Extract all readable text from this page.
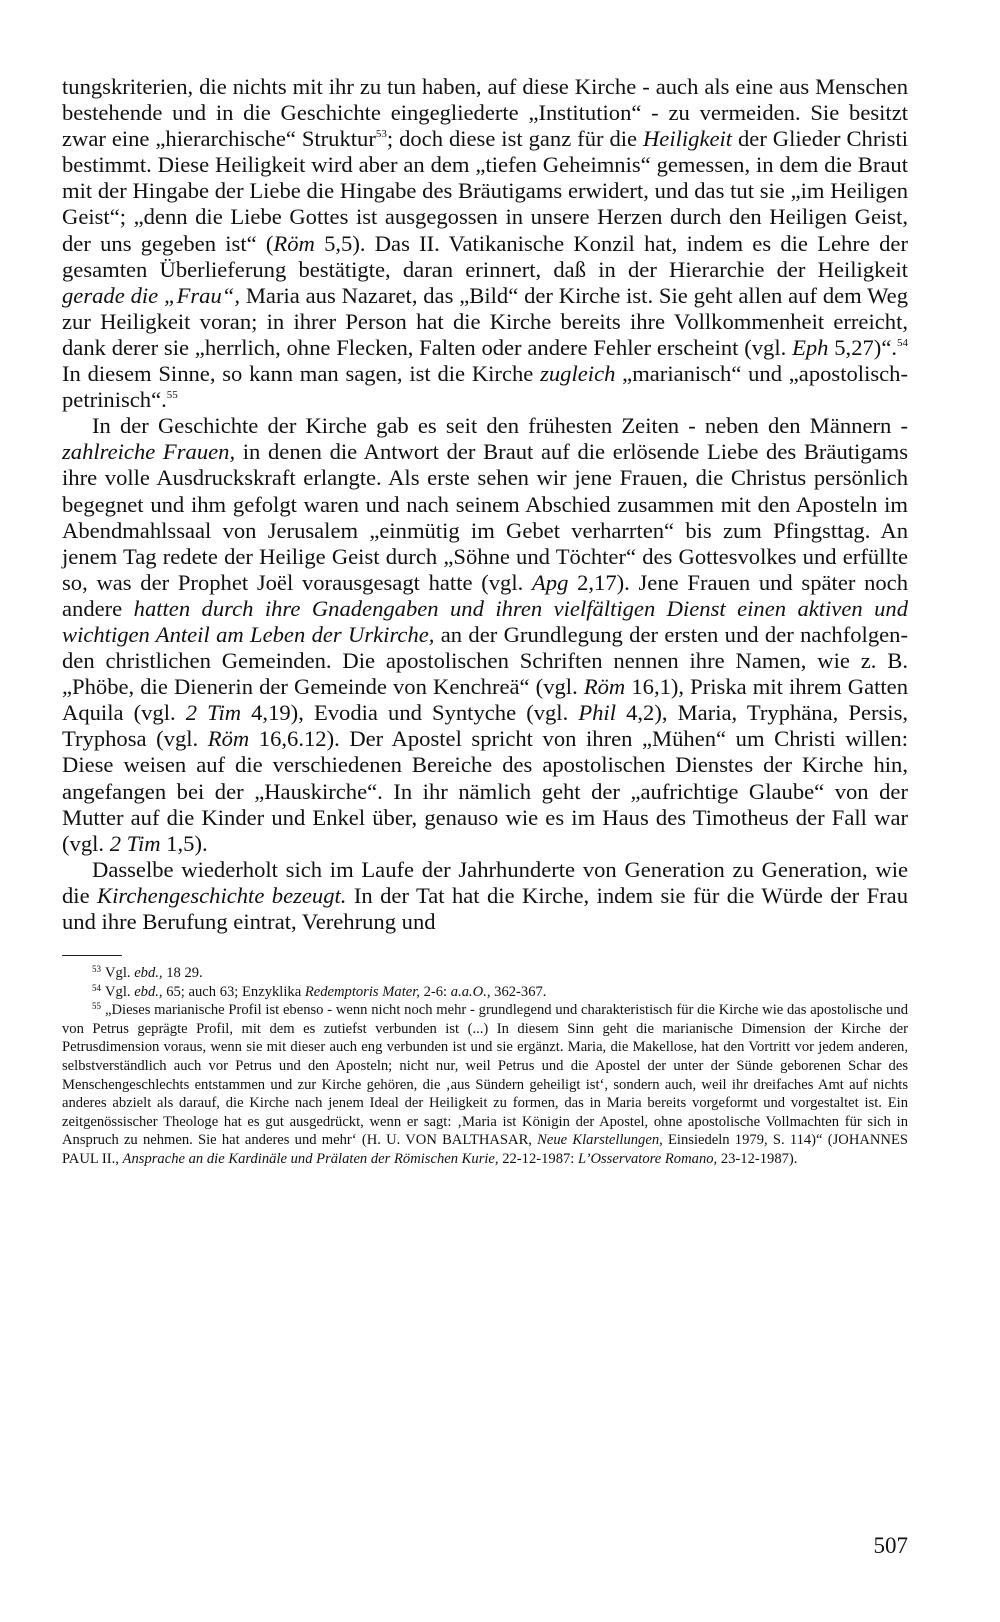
tungskriterien, die nichts mit ihr zu tun haben, auf diese Kirche - auch als eine aus Menschen bestehende und in die Geschichte eingegliederte „Institution“ - zu vermeiden. Sie besitzt zwar eine „hierarchische“ Struktur$^{53}$; doch diese ist ganz für die Heiligkeit der Glieder Christi bestimmt. Diese Heiligkeit wird aber an dem „tiefen Geheimnis“ gemessen, in dem die Braut mit der Hingabe der Liebe die Hingabe des Bräutigams erwidert, und das tut sie „im Heiligen Geist“; „denn die Liebe Gottes ist ausgegossen in unsere Herzen durch den Heiligen Geist, der uns gegeben ist“ (Röm 5,5). Das II. Vatikanische Konzil hat, indem es die Lehre der gesamten Überlieferung bestätigte, daran erinnert, daß in der Hierarchie der Heiligkeit gerade die „Frau“, Maria aus Nazaret, das „Bild“ der Kirche ist. Sie geht allen auf dem Weg zur Heiligkeit voran; in ihrer Person hat die Kirche bereits ihre Vollkommenheit erreicht, dank derer sie „herrlich, ohne Flecken, Falten oder andere Fehler erscheint (vgl. Eph 5,27)“.$^{54}$ In diesem Sinne, so kann man sagen, ist die Kirche zugleich „marianisch“ und „apostolisch-petrinisch“.$^{55}$

In der Geschichte der Kirche gab es seit den frühesten Zeiten - neben den Männern - zahlreiche Frauen, in denen die Antwort der Braut auf die erlösende Liebe des Bräutigams ihre volle Ausdruckskraft erlangte. Als erste sehen wir jene Frauen, die Christus persönlich begegnet und ihm gefolgt waren und nach seinem Abschied zusammen mit den Aposteln im Abendmahlssaal von Jerusalem „einmütig im Gebet verharrten“ bis zum Pfingsttag. An jenem Tag redete der Heilige Geist durch „Söhne und Töchter“ des Gottesvolkes und erfüllte so, was der Prophet Joël vorausgesagt hatte (vgl. Apg 2,17). Jene Frauen und später noch andere hatten durch ihre Gnadengaben und ihren vielfältigen Dienst einen aktiven und wichtigen Anteil am Leben der Urkirche, an der Grundlegung der ersten und der nachfolgenden christlichen Gemeinden. Die apostolischen Schriften nennen ihre Namen, wie z. B. „Phöbe, die Dienerin der Gemeinde von Kenchreä“ (vgl. Röm 16,1), Priska mit ihrem Gatten Aquila (vgl. 2 Tim 4,19), Evodia und Syntyche (vgl. Phil 4,2), Maria, Tryphäna, Persis, Tryphosa (vgl. Röm 16,6.12). Der Apostel spricht von ihren „Mühen“ um Christi willen: Diese weisen auf die verschiedenen Bereiche des apostolischen Dienstes der Kirche hin, angefangen bei der „Hauskirche“. In ihr nämlich geht der „aufrichtige Glaube“ von der Mutter auf die Kinder und Enkel über, genauso wie es im Haus des Timotheus der Fall war (vgl. 2 Tim 1,5).

Dasselbe wiederholt sich im Laufe der Jahrhunderte von Generation zu Generation, wie die Kirchengeschichte bezeugt. In der Tat hat die Kirche, indem sie für die Würde der Frau und ihre Berufung eintrat, Verehrung und

$^{53}$ Vgl. ebd., 18 29.

$^{54}$ Vgl. ebd., 65; auch 63; Enzyklika Redemptoris Mater, 2-6: a.a.O., 362-367.

$^{55}$ „Dieses marianische Profil ist ebenso - wenn nicht noch mehr - grundlegend und charakteristisch für die Kirche wie das apostolische und von Petrus geprägte Profil, mit dem es zutiefst verbunden ist (...) In diesem Sinn geht die marianische Dimension der Kirche der Petrusdimension voraus, wenn sie mit dieser auch eng verbunden ist und sie ergänzt. Maria, die Makellose, hat den Vortritt vor jedem anderen, selbstverständlich auch vor Petrus und den Aposteln; nicht nur, weil Petrus und die Apostel der unter der Sünde geborenen Schar des Menschengeschlechts entstammen und zur Kirche gehören, die ‚aus Sündern geheiligt ist‘, sondern auch, weil ihr dreifaches Amt auf nichts anderes abzielt als darauf, die Kirche nach jenem Ideal der Heiligkeit zu formen, das in Maria bereits vorgeformt und vorgestaltet ist. Ein zeitgenössischer Theologe hat es gut ausgedrückt, wenn er sagt: ‚Maria ist Königin der Apostel, ohne apostolische Vollmachten für sich in Anspruch zu nehmen. Sie hat anderes und mehr‘ (H. U. VON BALTHASAR, Neue Klarstellungen, Einsiedeln 1979, S. 114)“ (JOHANNES PAUL II., Ansprache an die Kardinäle und Prälaten der Römischen Kurie, 22-12-1987: L’Osservatore Romano, 23-12-1987).

507
